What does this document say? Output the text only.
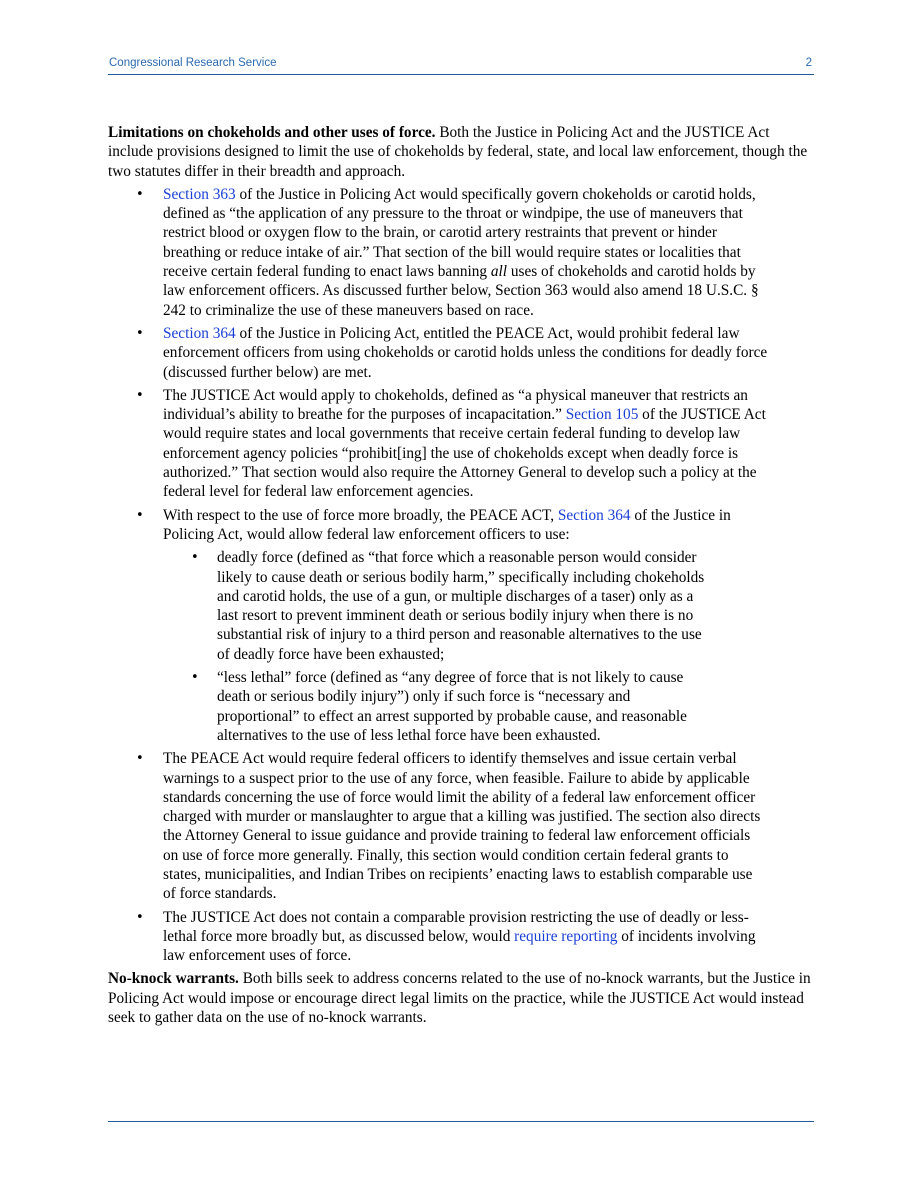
Congressional Research Service	2

Limitations on chokeholds and other uses of force. Both the Justice in Policing Act and the JUSTICE Act include provisions designed to limit the use of chokeholds by federal, state, and local law enforcement, though the two statutes differ in their breadth and approach.

• Section 363 of the Justice in Policing Act would specifically govern chokeholds or carotid holds, defined as “the application of any pressure to the throat or windpipe, the use of maneuvers that restrict blood or oxygen flow to the brain, or carotid artery restraints that prevent or hinder breathing or reduce intake of air.” That section of the bill would require states or localities that receive certain federal funding to enact laws banning all uses of chokeholds and carotid holds by law enforcement officers. As discussed further below, Section 363 would also amend 18 U.S.C. § 242 to criminalize the use of these maneuvers based on race.
• Section 364 of the Justice in Policing Act, entitled the PEACE Act, would prohibit federal law enforcement officers from using chokeholds or carotid holds unless the conditions for deadly force (discussed further below) are met.
• The JUSTICE Act would apply to chokeholds, defined as “a physical maneuver that restricts an individual’s ability to breathe for the purposes of incapacitation.” Section 105 of the JUSTICE Act would require states and local governments that receive certain federal funding to develop law enforcement agency policies “prohibit[ing] the use of chokeholds except when deadly force is authorized.” That section would also require the Attorney General to develop such a policy at the federal level for federal law enforcement agencies.
• With respect to the use of force more broadly, the PEACE ACT, Section 364 of the Justice in Policing Act, would allow federal law enforcement officers to use:
• deadly force (defined as “that force which a reasonable person would consider likely to cause death or serious bodily harm,” specifically including chokeholds and carotid holds, the use of a gun, or multiple discharges of a taser) only as a last resort to prevent imminent death or serious bodily injury when there is no substantial risk of injury to a third person and reasonable alternatives to the use of deadly force have been exhausted;
• “less lethal” force (defined as “any degree of force that is not likely to cause death or serious bodily injury”) only if such force is “necessary and proportional” to effect an arrest supported by probable cause, and reasonable alternatives to the use of less lethal force have been exhausted.
• The PEACE Act would require federal officers to identify themselves and issue certain verbal warnings to a suspect prior to the use of any force, when feasible. Failure to abide by applicable standards concerning the use of force would limit the ability of a federal law enforcement officer charged with murder or manslaughter to argue that a killing was justified. The section also directs the Attorney General to issue guidance and provide training to federal law enforcement officials on use of force more generally. Finally, this section would condition certain federal grants to states, municipalities, and Indian Tribes on recipients’ enacting laws to establish comparable use of force standards.
• The JUSTICE Act does not contain a comparable provision restricting the use of deadly or less-lethal force more broadly but, as discussed below, would require reporting of incidents involving law enforcement uses of force.

No-knock warrants. Both bills seek to address concerns related to the use of no-knock warrants, but the Justice in Policing Act would impose or encourage direct legal limits on the practice, while the JUSTICE Act would instead seek to gather data on the use of no-knock warrants.
